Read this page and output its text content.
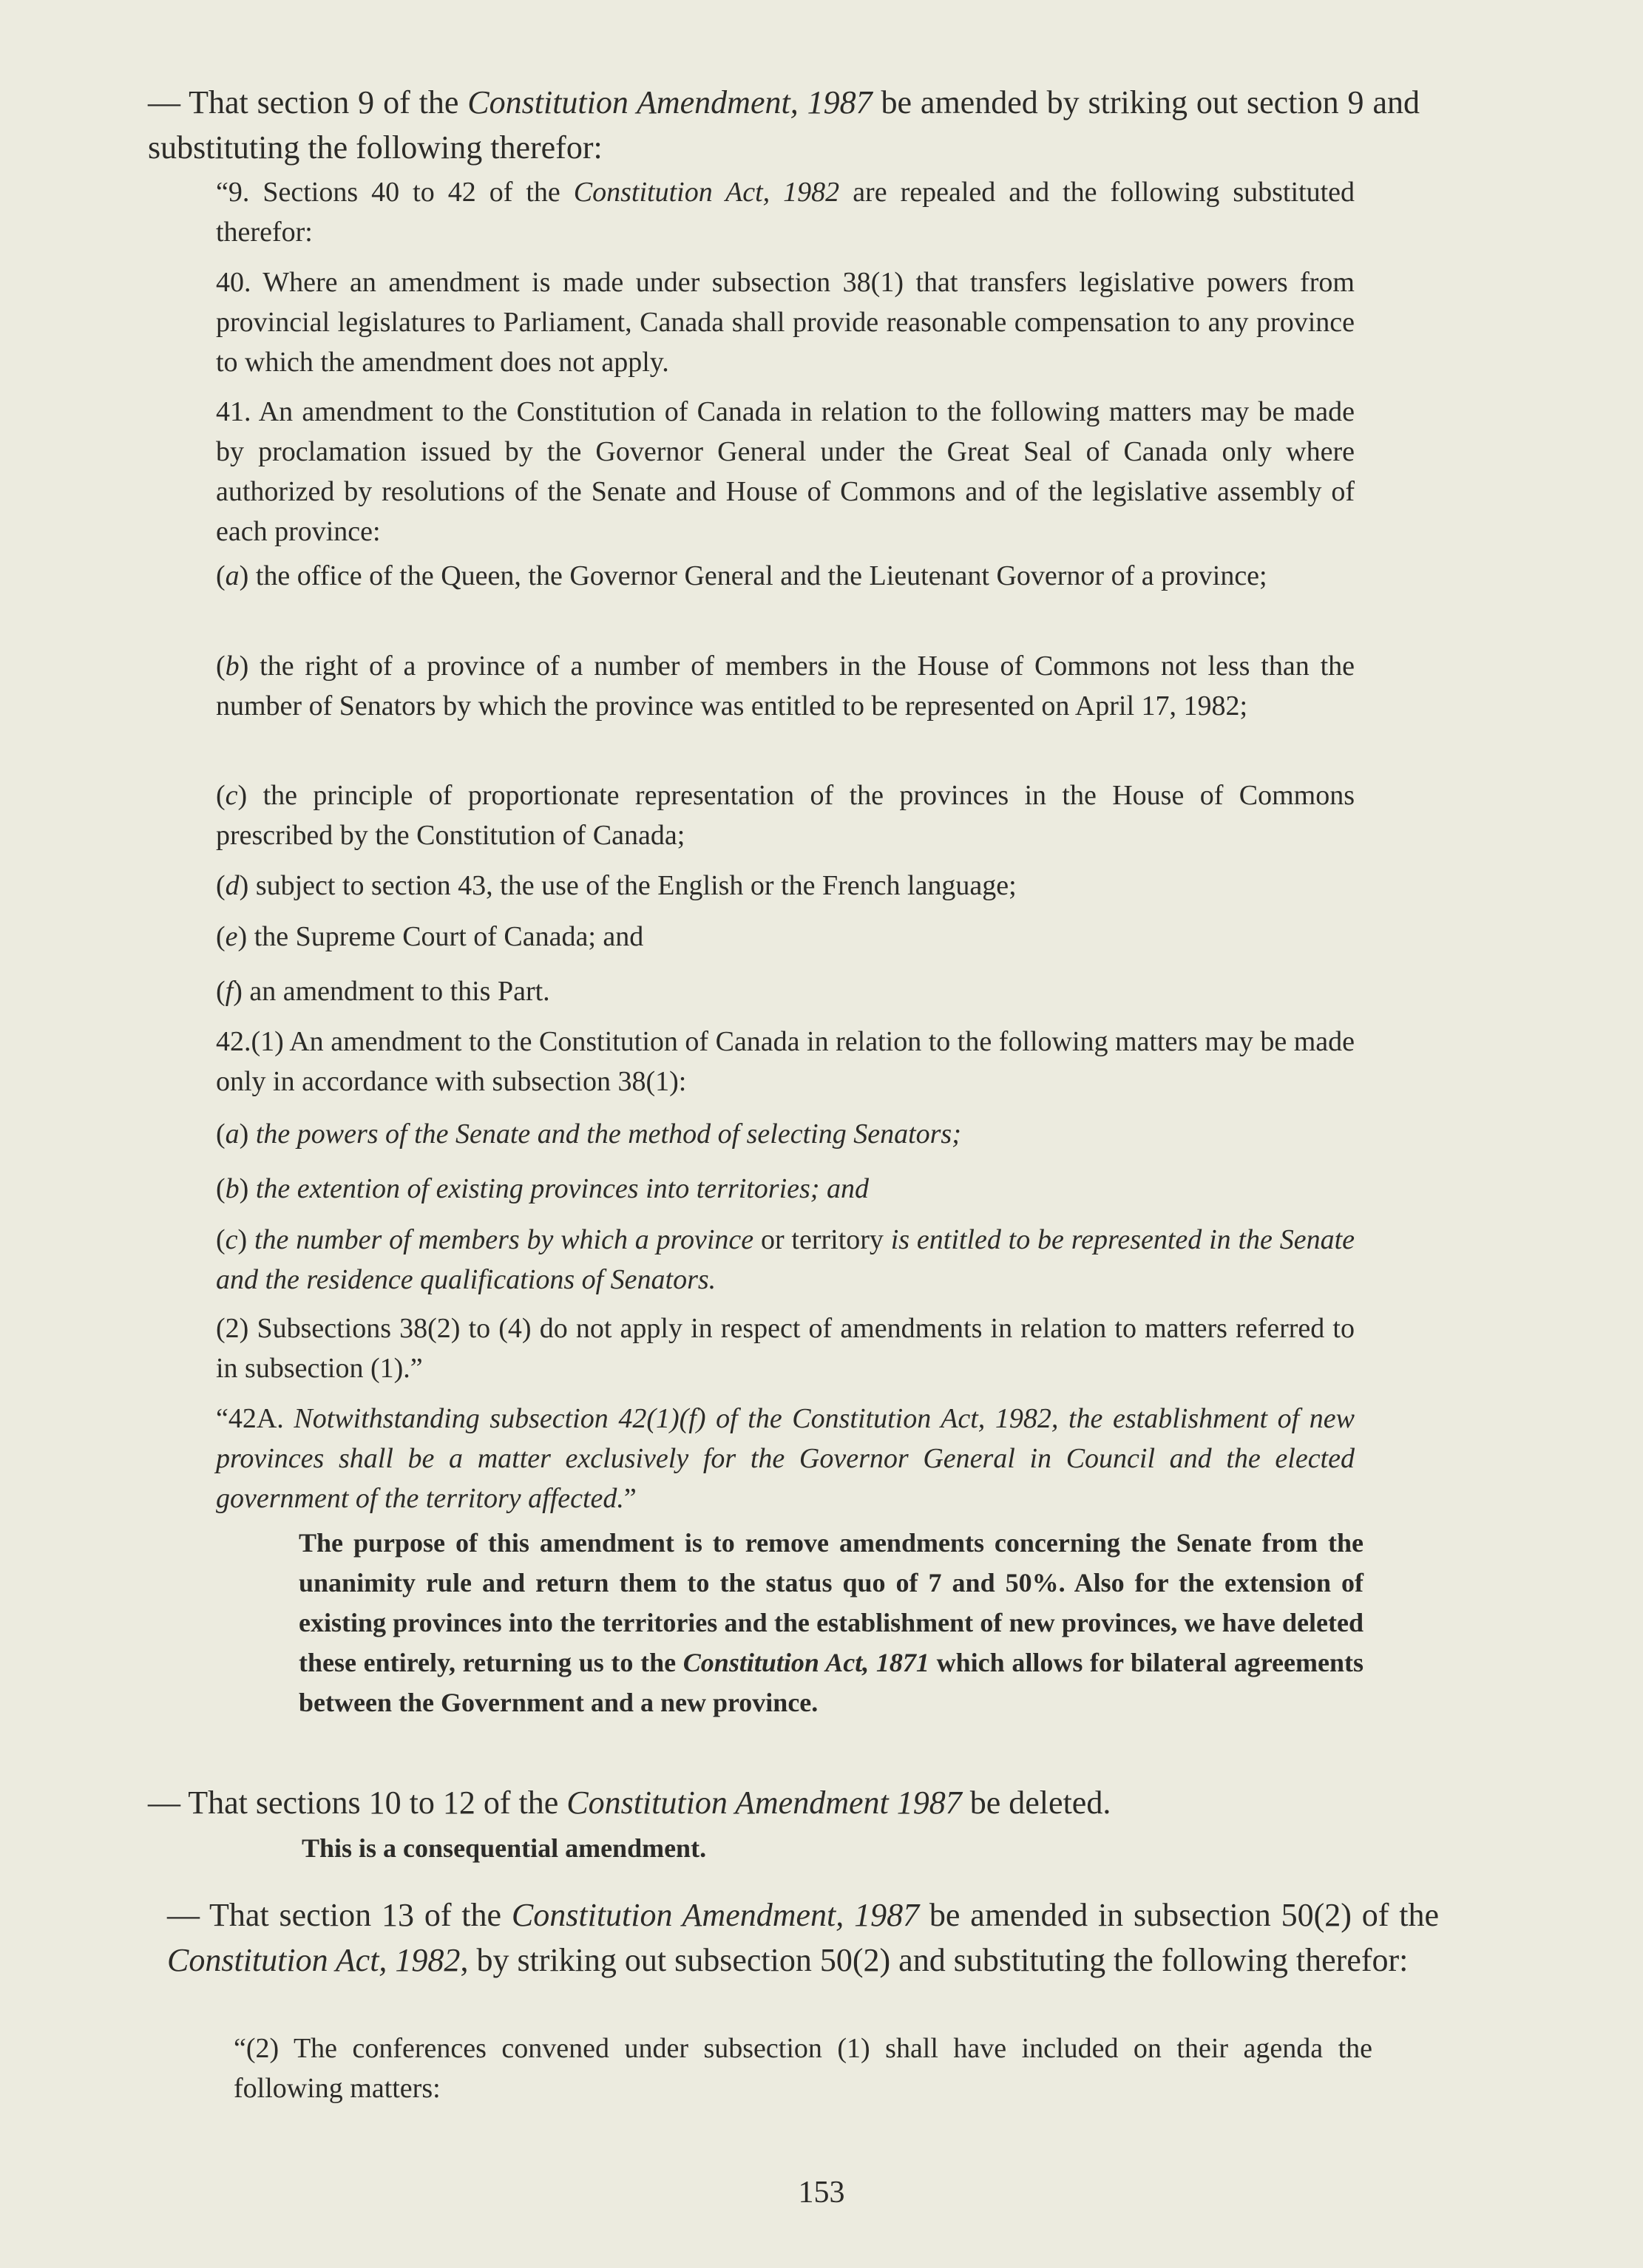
— That section 9 of the Constitution Amendment, 1987 be amended by striking out section 9 and substituting the following therefor:

“9. Sections 40 to 42 of the Constitution Act, 1982 are repealed and the following substituted therefor:

40. Where an amendment is made under subsection 38(1) that transfers legislative powers from provincial legislatures to Parliament, Canada shall provide reasonable compensation to any province to which the amendment does not apply.

41. An amendment to the Constitution of Canada in relation to the following matters may be made by proclamation issued by the Governor General under the Great Seal of Canada only where authorized by resolutions of the Senate and House of Commons and of the legislative assembly of each province:

(a) the office of the Queen, the Governor General and the Lieutenant Governor of a province;

(b) the right of a province of a number of members in the House of Commons not less than the number of Senators by which the province was entitled to be represented on April 17, 1982;

(c) the principle of proportionate representation of the provinces in the House of Commons prescribed by the Constitution of Canada;

(d) subject to section 43, the use of the English or the French language;

(e) the Supreme Court of Canada; and

(f) an amendment to this Part.

42.(1) An amendment to the Constitution of Canada in relation to the following matters may be made only in accordance with subsection 38(1):

(a) the powers of the Senate and the method of selecting Senators;

(b) the extention of existing provinces into territories; and

(c) the number of members by which a province or territory is entitled to be represented in the Senate and the residence qualifications of Senators.

(2) Subsections 38(2) to (4) do not apply in respect of amendments in relation to matters referred to in subsection (1).”

“42A. Notwithstanding subsection 42(1)(f) of the Constitution Act, 1982, the establishment of new provinces shall be a matter exclusively for the Governor General in Council and the elected government of the territory affected.”

The purpose of this amendment is to remove amendments concerning the Senate from the unanimity rule and return them to the status quo of 7 and 50%. Also for the extension of existing provinces into the territories and the establishment of new provinces, we have deleted these entirely, returning us to the Constitution Act, 1871 which allows for bilateral agreements between the Government and a new province.

— That sections 10 to 12 of the Constitution Amendment 1987 be deleted.

This is a consequential amendment.

— That section 13 of the Constitution Amendment, 1987 be amended in subsection 50(2) of the Constitution Act, 1982, by striking out subsection 50(2) and substituting the following therefor:

“(2) The conferences convened under subsection (1) shall have included on their agenda the following matters:

153
